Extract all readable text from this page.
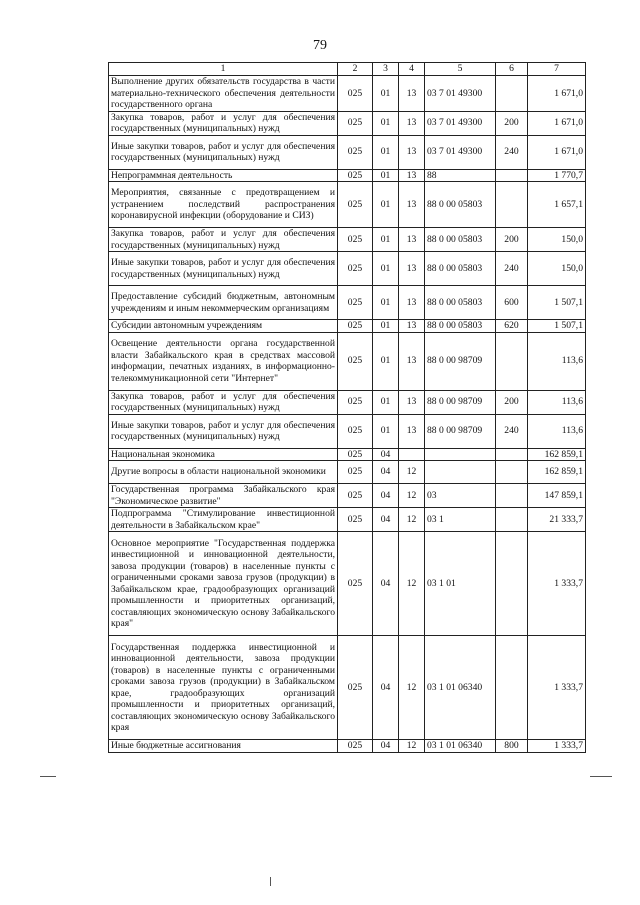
79
1	2	3	4	5	6	7
Выполнение других обязательств государства в части материально-технического обеспечения деятельности государственного органа	025	01	13	03 7 01 49300		1 671,0
Закупка товаров, работ и услуг для обеспечения государственных (муниципальных) нужд	025	01	13	03 7 01 49300	200	1 671,0
Иные закупки товаров, работ и услуг для обеспечения государственных (муниципальных) нужд	025	01	13	03 7 01 49300	240	1 671,0
Непрограммная деятельность	025	01	13	88		1 770,7
Мероприятия, связанные с предотвращением и устранением последствий распространения коронавирусной инфекции (оборудование и СИЗ)	025	01	13	88 0 00 05803		1 657,1
Закупка товаров, работ и услуг для обеспечения государственных (муниципальных) нужд	025	01	13	88 0 00 05803	200	150,0
Иные закупки товаров, работ и услуг для обеспечения государственных (муниципальных) нужд	025	01	13	88 0 00 05803	240	150,0
Предоставление субсидий бюджетным, автономным учреждениям и иным некоммерческим организациям	025	01	13	88 0 00 05803	600	1 507,1
Субсидии автономным учреждениям	025	01	13	88 0 00 05803	620	1 507,1
Освещение деятельности органа государственной власти Забайкальского края в средствах массовой информации, печатных изданиях, в информационно-телекоммуникационной сети "Интернет"	025	01	13	88 0 00 98709		113,6
Закупка товаров, работ и услуг для обеспечения государственных (муниципальных) нужд	025	01	13	88 0 00 98709	200	113,6
Иные закупки товаров, работ и услуг для обеспечения государственных (муниципальных) нужд	025	01	13	88 0 00 98709	240	113,6
Национальная экономика	025	04				162 859,1
Другие вопросы в области национальной экономики	025	04	12			162 859,1
Государственная программа Забайкальского края "Экономическое развитие"	025	04	12	03		147 859,1
Подпрограмма "Стимулирование инвестиционной деятельности в Забайкальском крае"	025	04	12	03 1		21 333,7
Основное мероприятие "Государственная поддержка инвестиционной и инновационной деятельности, завоза продукции (товаров) в населенные пункты с ограниченными сроками завоза грузов (продукции) в Забайкальском крае, градообразующих организаций промышленности и приоритетных организаций, составляющих экономическую основу Забайкальского края"	025	04	12	03 1 01		1 333,7
Государственная поддержка инвестиционной и инновационной деятельности, завоза продукции (товаров) в населенные пункты с ограниченными сроками завоза грузов (продукции) в Забайкальском крае, градообразующих организаций промышленности и приоритетных организаций, составляющих экономическую основу Забайкальского края	025	04	12	03 1 01 06340		1 333,7
Иные бюджетные ассигнования	025	04	12	03 1 01 06340	800	1 333,7
